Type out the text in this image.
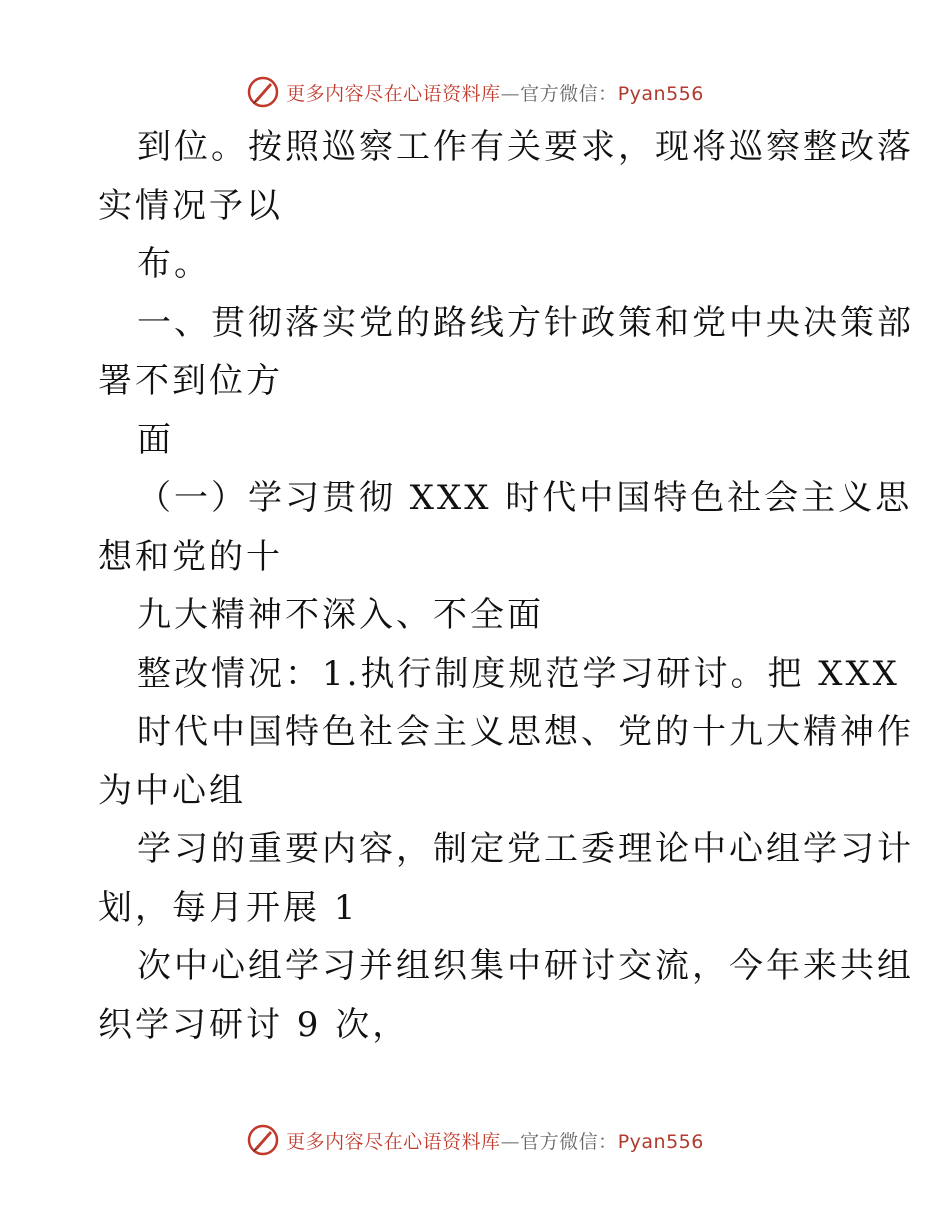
更多内容尽在心语资料库—官方微信：Pyan556
到位。按照巡察工作有关要求，现将巡察整改落
实情况予以
布。
一、贯彻落实党的路线方针政策和党中央决策部
署不到位方
面
（一）学习贯彻 XXX 时代中国特色社会主义思
想和党的十
九大精神不深入、不全面
整改情况：1.执行制度规范学习研讨。把 XXX
时代中国特色社会主义思想、党的十九大精神作
为中心组
学习的重要内容，制定党工委理论中心组学习计
划，每月开展 1
次中心组学习并组织集中研讨交流，今年来共组
织学习研讨 9 次，
更多内容尽在心语资料库—官方微信：Pyan556
